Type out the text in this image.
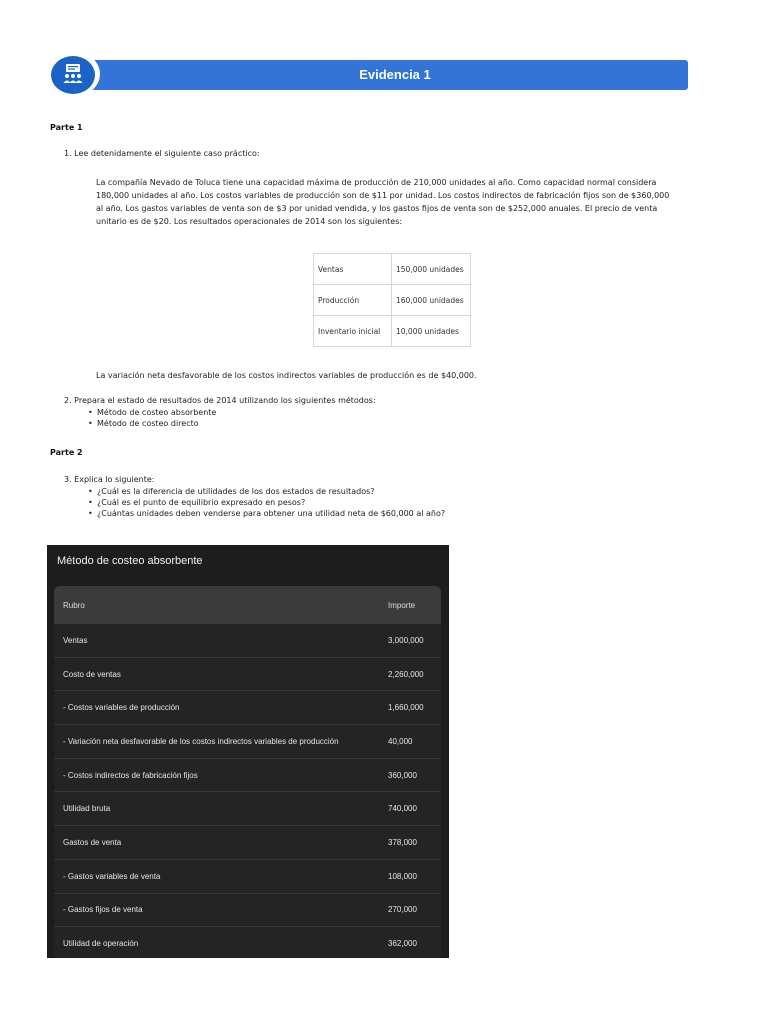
Evidencia 1
Parte 1
1. Lee detenidamente el siguiente caso práctico:
La compañía Nevado de Toluca tiene una capacidad máxima de producción de 210,000 unidades al año. Como capacidad normal considera
180,000 unidades al año. Los costos variables de producción son de $11 por unidad. Los costos indirectos de fabricación fijos son de $360,000
al año. Los gastos variables de venta son de $3 por unidad vendida, y los gastos fijos de venta son de $252,000 anuales. El precio de venta
unitario es de $20. Los resultados operacionales de 2014 son los siguientes:
Ventas	150,000 unidades
Producción	160,000 unidades
Inventario inicial	10,000 unidades
La variación neta desfavorable de los costos indirectos variables de producción es de $40,000.
2. Prepara el estado de resultados de 2014 utilizando los siguientes métodos:
• Método de costeo absorbente
• Método de costeo directo
Parte 2
3. Explica lo siguiente:
• ¿Cuál es la diferencia de utilidades de los dos estados de resultados?
• ¿Cuál es el punto de equilibrio expresado en pesos?
• ¿Cuántas unidades deben venderse para obtener una utilidad neta de $60,000 al año?
Método de costeo absorbente
Rubro	Importe
Ventas	3,000,000
Costo de ventas	2,260,000
- Costos variables de producción	1,660,000
- Variación neta desfavorable de los costos indirectos variables de producción	40,000
- Costos indirectos de fabricación fijos	360,000
Utilidad bruta	740,000
Gastos de venta	378,000
- Gastos variables de venta	108,000
- Gastos fijos de venta	270,000
Utilidad de operación	362,000
